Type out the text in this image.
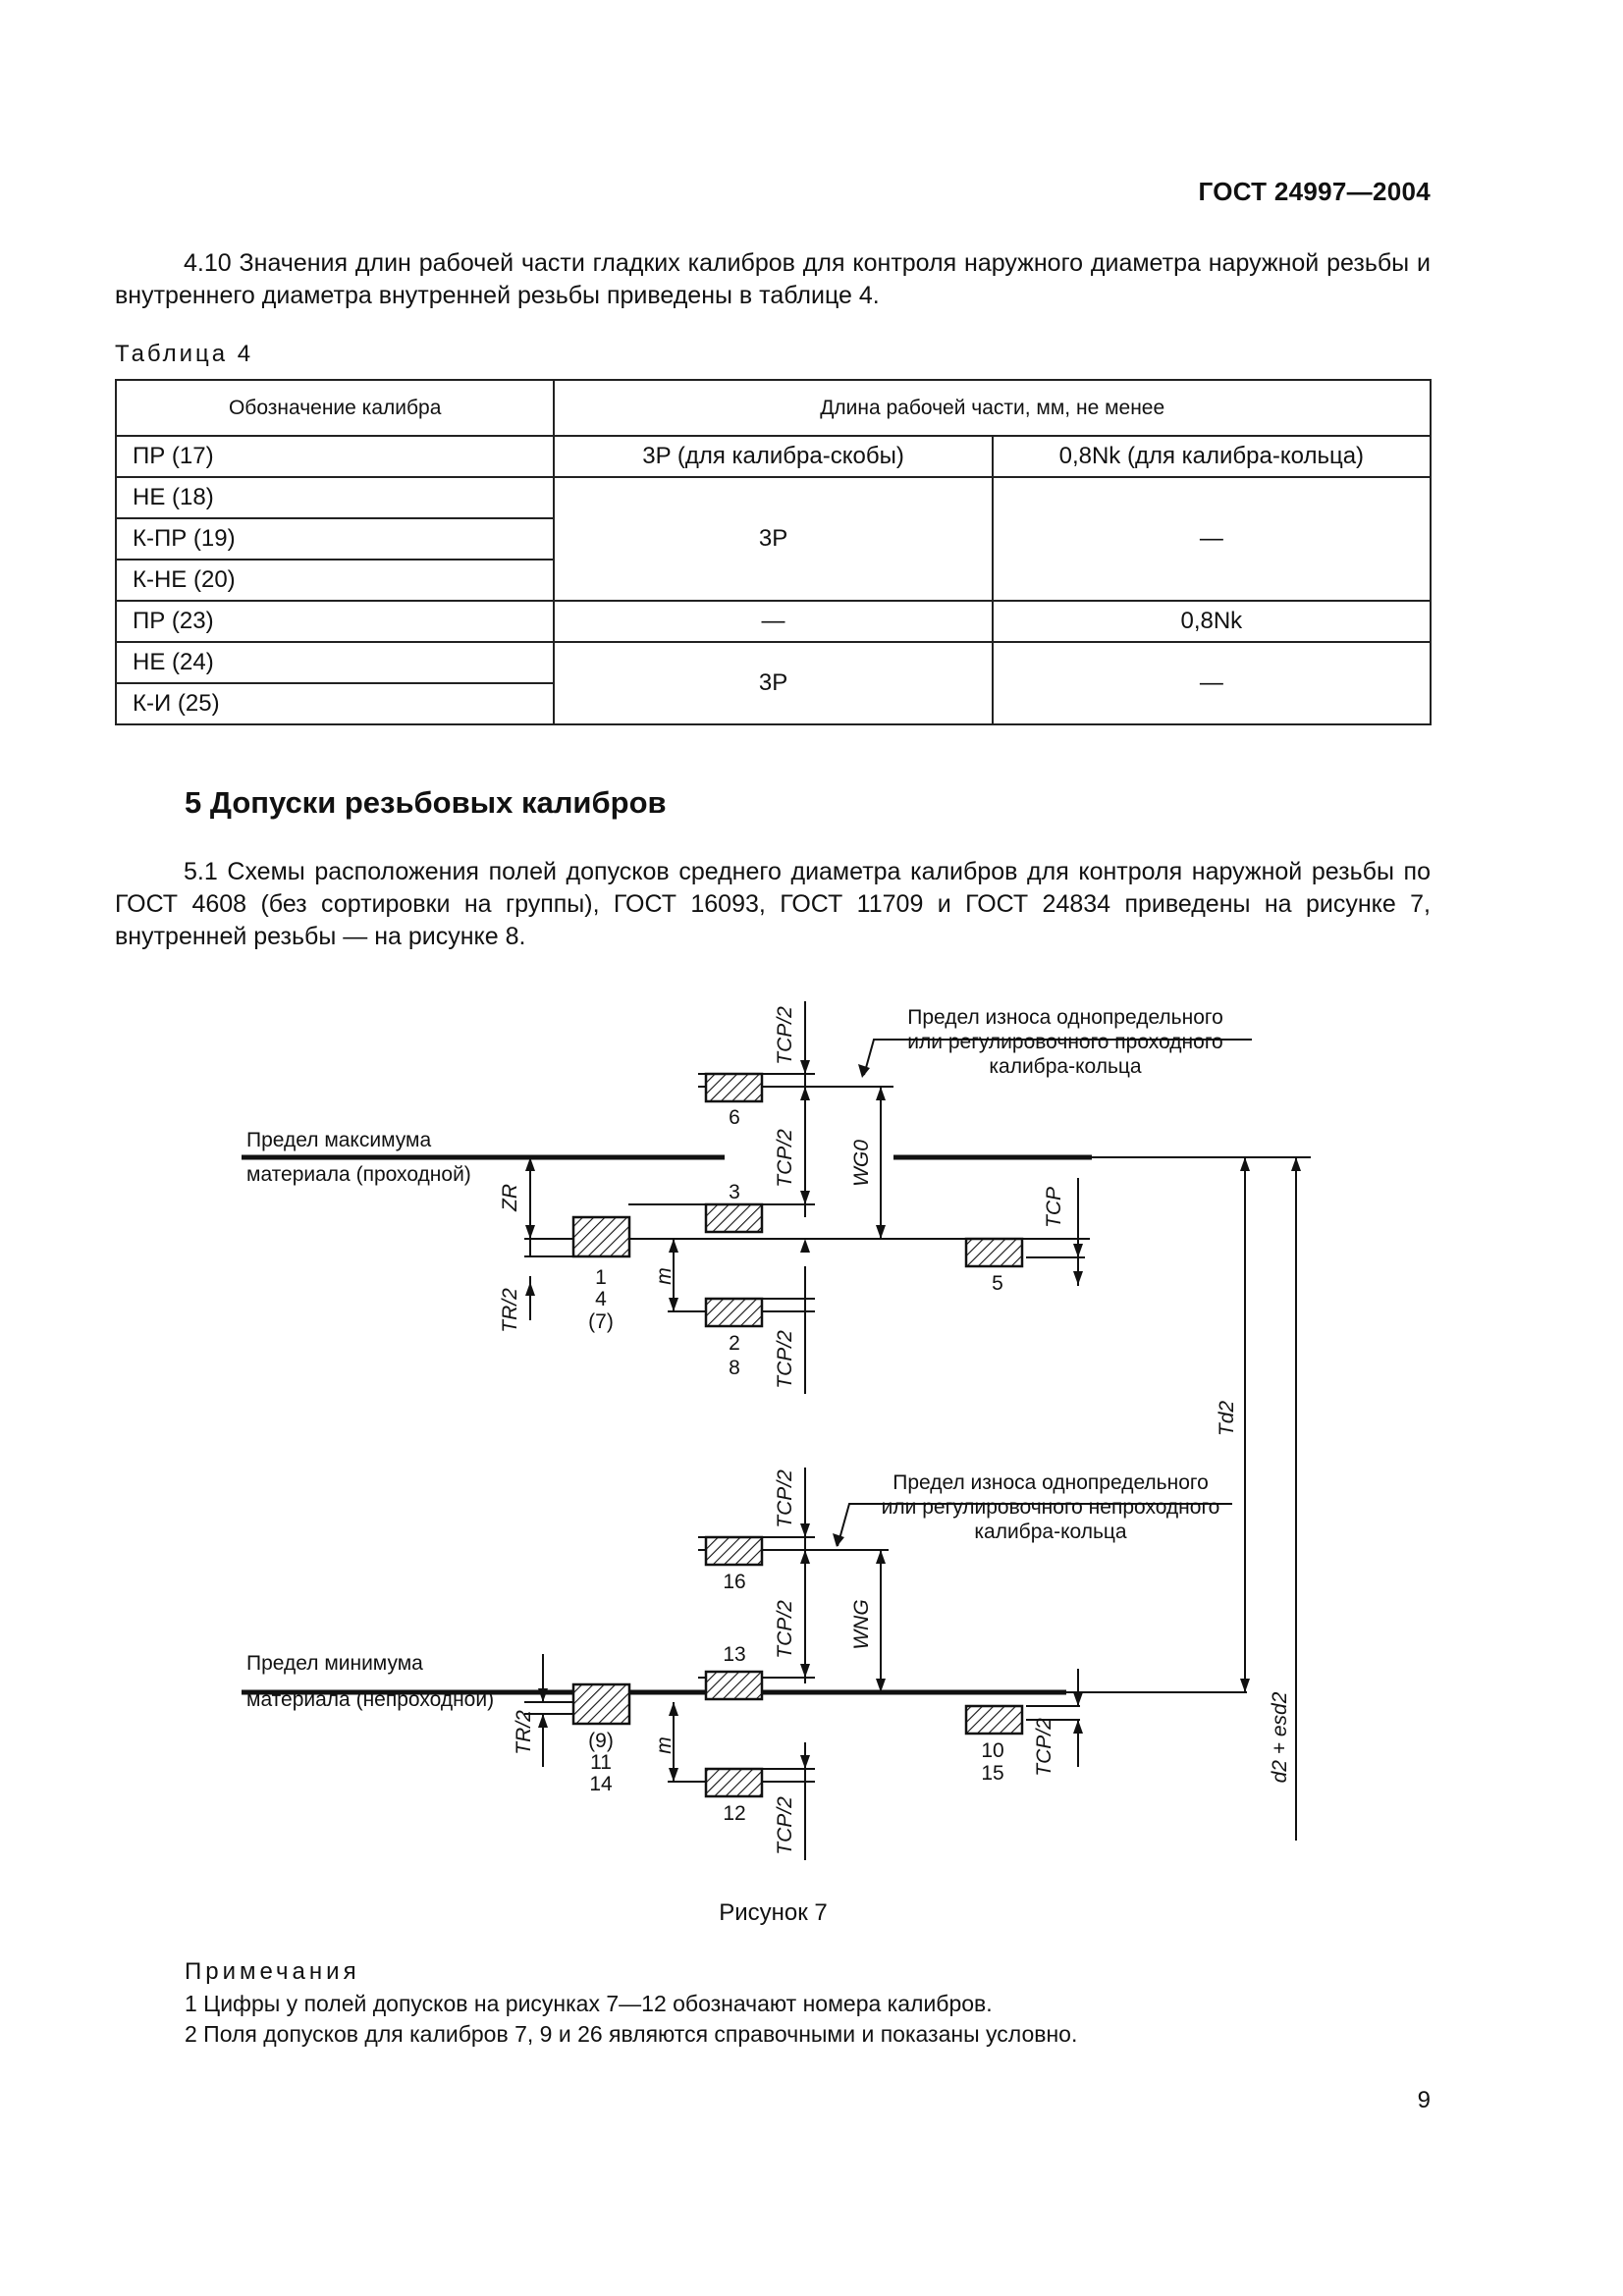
ГОСТ 24997—2004

4.10 Значения длин рабочей части гладких калибров для контроля наружного диаметра наружной резьбы и внутреннего диаметра внутренней резьбы приведены в таблице 4.

Таблица 4
Обозначение калибра	Длина рабочей части, мм, не менее	
ПР (17)	3P (для калибра-скобы)	0,8Nk (для калибра-кольца)
НЕ (18)	3P	—
К-ПР (19)		
К-НЕ (20)		
ПР (23)	—	0,8Nk
НЕ (24)	3P	—
К-И (25)		
5 Допуски резьбовых калибров

5.1 Схемы расположения полей допусков среднего диаметра калибров для контроля наружной резьбы по ГОСТ 4608 (без сортировки на группы), ГОСТ 16093, ГОСТ 11709 и ГОСТ 24834 приведены на рисунке 7, внутренней резьбы — на рисунке 8.

Предел максимума
материала (проходной)
Предел минимума
материала (непроходной)
Предел износа однопредельного
или регулировочного проходного
калибра-кольца
Предел износа однопредельного
или регулировочного непроходного
калибра-кольца
6
3
1
4
(7)
2
8
5
16
13
(9)
11
14
12
10
15
TCP/2
TCP/2
TCP/2
WG0
TCP
ZR
TR/2
m
Td2
TCP/2
TCP/2
TCP/2
WNG
TCP/2
TR/2	m	d2 + esd2
Рисунок 7
Примечания
1 Цифры у полей допусков на рисунках 7—12 обозначают номера калибров.
2 Поля допусков для калибров 7, 9 и 26 являются справочными и показаны условно.
9
